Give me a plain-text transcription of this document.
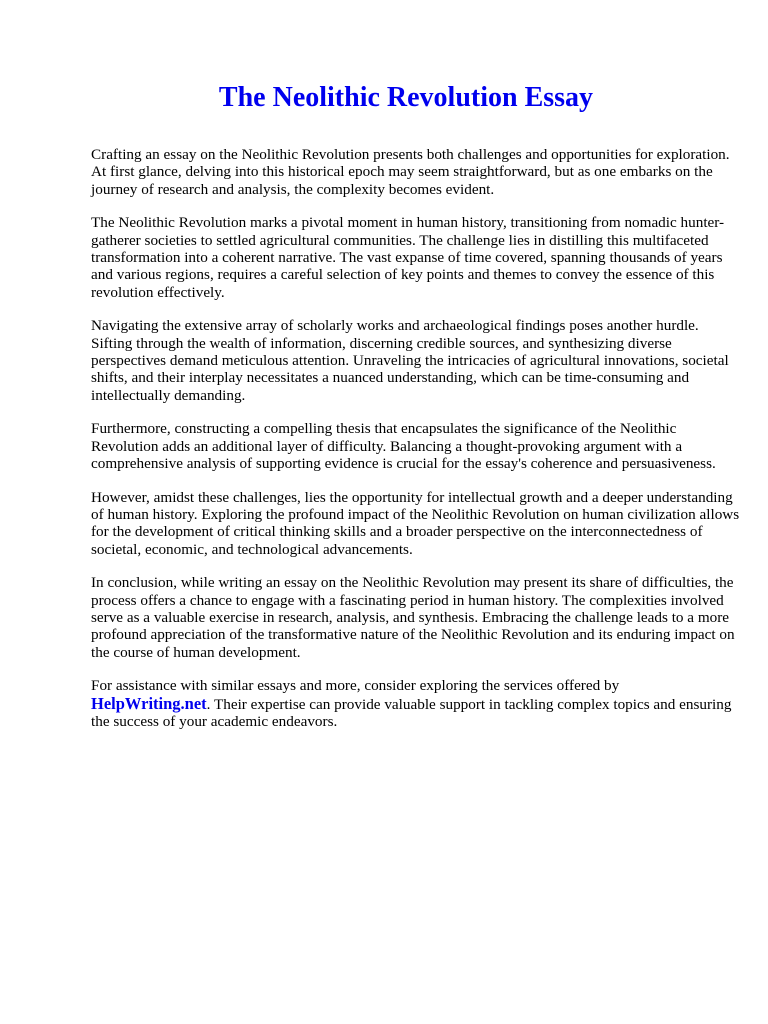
The Neolithic Revolution Essay

Crafting an essay on the Neolithic Revolution presents both challenges and opportunities for exploration. At first glance, delving into this historical epoch may seem straightforward, but as one embarks on the journey of research and analysis, the complexity becomes evident.

The Neolithic Revolution marks a pivotal moment in human history, transitioning from nomadic hunter-gatherer societies to settled agricultural communities. The challenge lies in distilling this multifaceted transformation into a coherent narrative. The vast expanse of time covered, spanning thousands of years and various regions, requires a careful selection of key points and themes to convey the essence of this revolution effectively.

Navigating the extensive array of scholarly works and archaeological findings poses another hurdle. Sifting through the wealth of information, discerning credible sources, and synthesizing diverse perspectives demand meticulous attention. Unraveling the intricacies of agricultural innovations, societal shifts, and their interplay necessitates a nuanced understanding, which can be time-consuming and intellectually demanding.

Furthermore, constructing a compelling thesis that encapsulates the significance of the Neolithic Revolution adds an additional layer of difficulty. Balancing a thought-provoking argument with a comprehensive analysis of supporting evidence is crucial for the essay's coherence and persuasiveness.

However, amidst these challenges, lies the opportunity for intellectual growth and a deeper understanding of human history. Exploring the profound impact of the Neolithic Revolution on human civilization allows for the development of critical thinking skills and a broader perspective on the interconnectedness of societal, economic, and technological advancements.

In conclusion, while writing an essay on the Neolithic Revolution may present its share of difficulties, the process offers a chance to engage with a fascinating period in human history. The complexities involved serve as a valuable exercise in research, analysis, and synthesis. Embracing the challenge leads to a more profound appreciation of the transformative nature of the Neolithic Revolution and its enduring impact on the course of human development.

For assistance with similar essays and more, consider exploring the services offered by HelpWriting.net. Their expertise can provide valuable support in tackling complex topics and ensuring the success of your academic endeavors.
